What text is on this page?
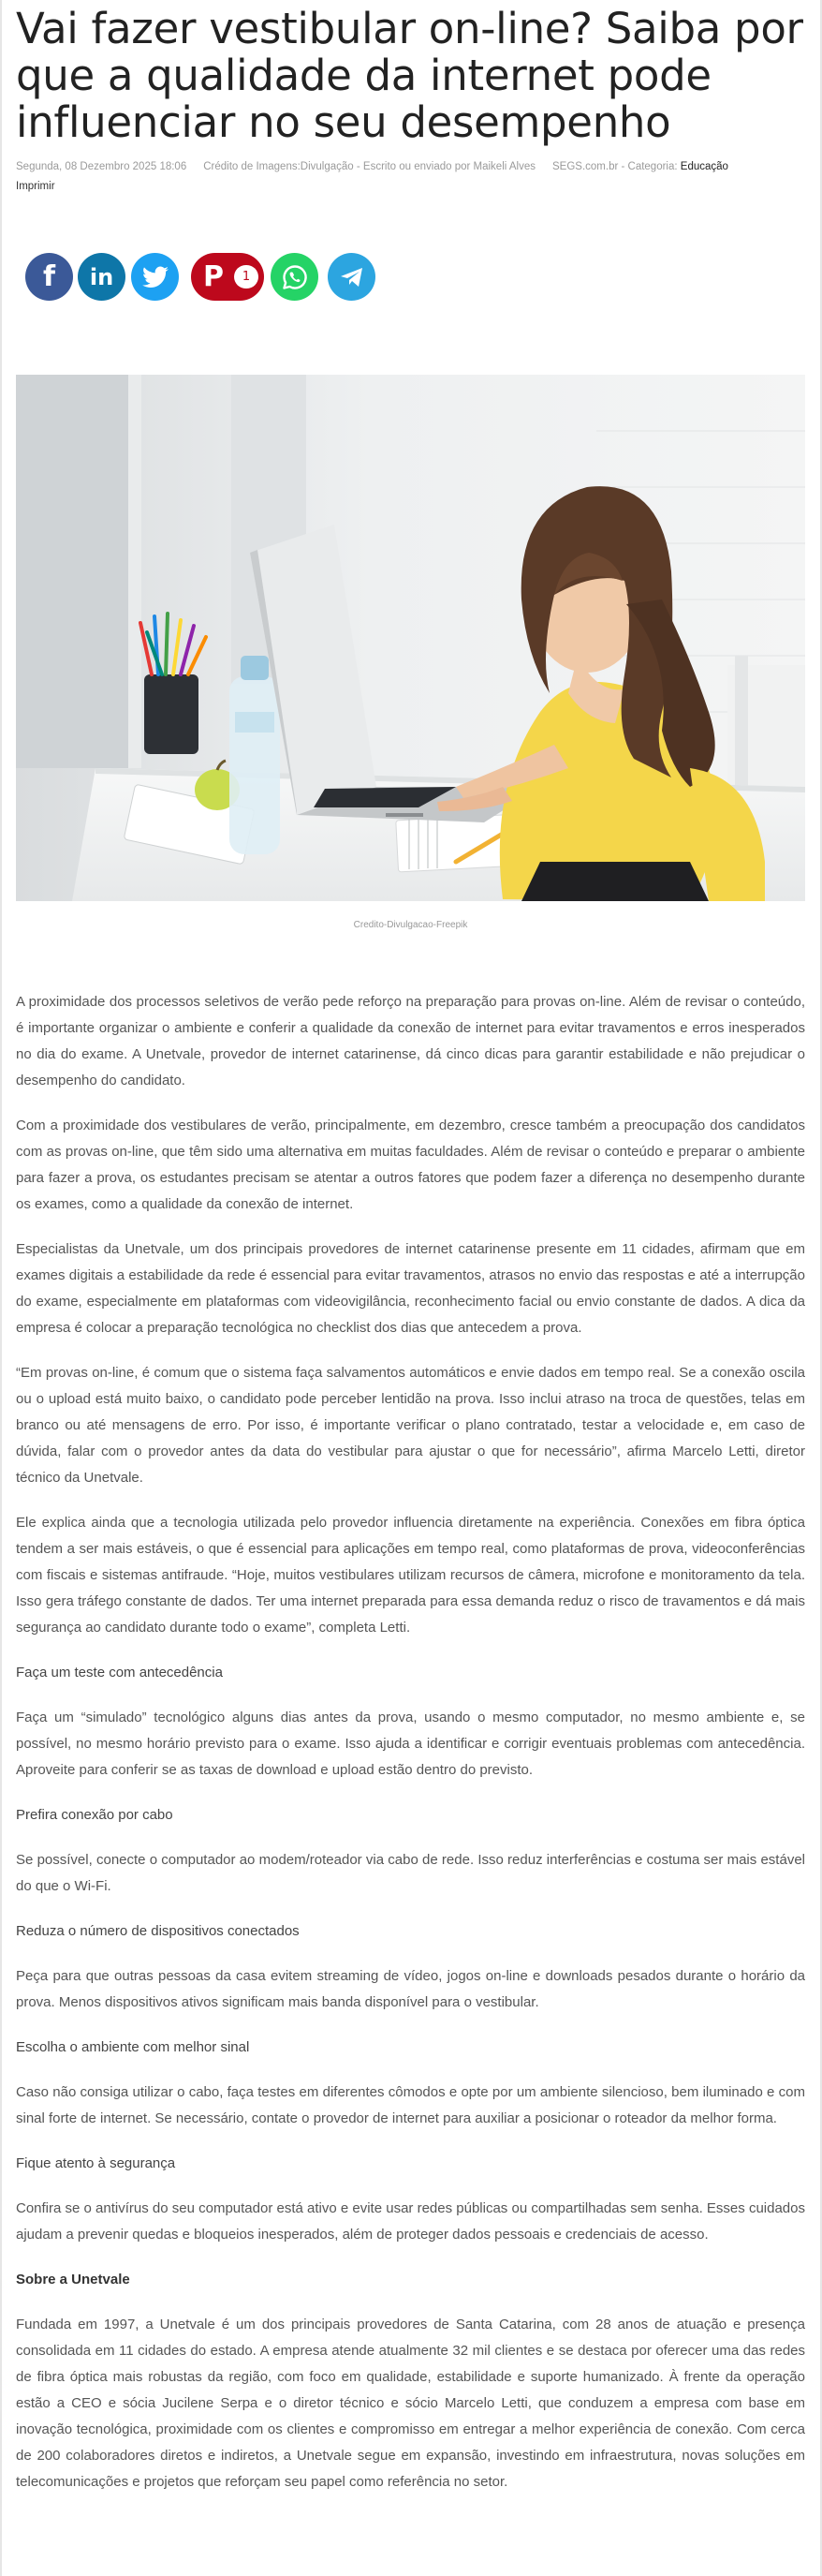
Vai fazer vestibular on-line? Saiba por que a qualidade da internet pode influenciar no seu desempenho
Segunda, 08 Dezembro 2025 18:06 Crédito de Imagens:Divulgação - Escrito ou enviado por Maikeli Alves SEGS.com.br - Categoria: Educação
Imprimir
f in	P	1
Credito-Divulgacao-Freepik

A proximidade dos processos seletivos de verão pede reforço na preparação para provas on-line. Além de revisar o conteúdo, é importante organizar o ambiente e conferir a qualidade da conexão de internet para evitar travamentos e erros inesperados no dia do exame. A Unetvale, provedor de internet catarinense, dá cinco dicas para garantir estabilidade e não prejudicar o desempenho do candidato.

Com a proximidade dos vestibulares de verão, principalmente, em dezembro, cresce também a preocupação dos candidatos com as provas on-line, que têm sido uma alternativa em muitas faculdades. Além de revisar o conteúdo e preparar o ambiente para fazer a prova, os estudantes precisam se atentar a outros fatores que podem fazer a diferença no desempenho durante os exames, como a qualidade da conexão de internet.

Especialistas da Unetvale, um dos principais provedores de internet catarinense presente em 11 cidades, afirmam que em exames digitais a estabilidade da rede é essencial para evitar travamentos, atrasos no envio das respostas e até a interrupção do exame, especialmente em plataformas com videovigilância, reconhecimento facial ou envio constante de dados. A dica da empresa é colocar a preparação tecnológica no checklist dos dias que antecedem a prova.

“Em provas on-line, é comum que o sistema faça salvamentos automáticos e envie dados em tempo real. Se a conexão oscila ou o upload está muito baixo, o candidato pode perceber lentidão na prova. Isso inclui atraso na troca de questões, telas em branco ou até mensagens de erro. Por isso, é importante verificar o plano contratado, testar a velocidade e, em caso de dúvida, falar com o provedor antes da data do vestibular para ajustar o que for necessário”, afirma Marcelo Letti, diretor técnico da Unetvale.

Ele explica ainda que a tecnologia utilizada pelo provedor influencia diretamente na experiência. Conexões em fibra óptica tendem a ser mais estáveis, o que é essencial para aplicações em tempo real, como plataformas de prova, videoconferências com fiscais e sistemas antifraude. “Hoje, muitos vestibulares utilizam recursos de câmera, microfone e monitoramento da tela. Isso gera tráfego constante de dados. Ter uma internet preparada para essa demanda reduz o risco de travamentos e dá mais segurança ao candidato durante todo o exame”, completa Letti.

Faça um teste com antecedência

Faça um “simulado” tecnológico alguns dias antes da prova, usando o mesmo computador, no mesmo ambiente e, se possível, no mesmo horário previsto para o exame. Isso ajuda a identificar e corrigir eventuais problemas com antecedência. Aproveite para conferir se as taxas de download e upload estão dentro do previsto.

Prefira conexão por cabo

Se possível, conecte o computador ao modem/roteador via cabo de rede. Isso reduz interferências e costuma ser mais estável do que o Wi-Fi.

Reduza o número de dispositivos conectados

Peça para que outras pessoas da casa evitem streaming de vídeo, jogos on-line e downloads pesados durante o horário da prova. Menos dispositivos ativos significam mais banda disponível para o vestibular.

Escolha o ambiente com melhor sinal

Caso não consiga utilizar o cabo, faça testes em diferentes cômodos e opte por um ambiente silencioso, bem iluminado e com sinal forte de internet. Se necessário, contate o provedor de internet para auxiliar a posicionar o roteador da melhor forma.

Fique atento à segurança

Confira se o antivírus do seu computador está ativo e evite usar redes públicas ou compartilhadas sem senha. Esses cuidados ajudam a prevenir quedas e bloqueios inesperados, além de proteger dados pessoais e credenciais de acesso.

Sobre a Unetvale

Fundada em 1997, a Unetvale é um dos principais provedores de Santa Catarina, com 28 anos de atuação e presença consolidada em 11 cidades do estado. A empresa atende atualmente 32 mil clientes e se destaca por oferecer uma das redes de fibra óptica mais robustas da região, com foco em qualidade, estabilidade e suporte humanizado. À frente da operação estão a CEO e sócia Jucilene Serpa e o diretor técnico e sócio Marcelo Letti, que conduzem a empresa com base em inovação tecnológica, proximidade com os clientes e compromisso em entregar a melhor experiência de conexão. Com cerca de 200 colaboradores diretos e indiretos, a Unetvale segue em expansão, investindo em infraestrutura, novas soluções em telecomunicações e projetos que reforçam seu papel como referência no setor.
